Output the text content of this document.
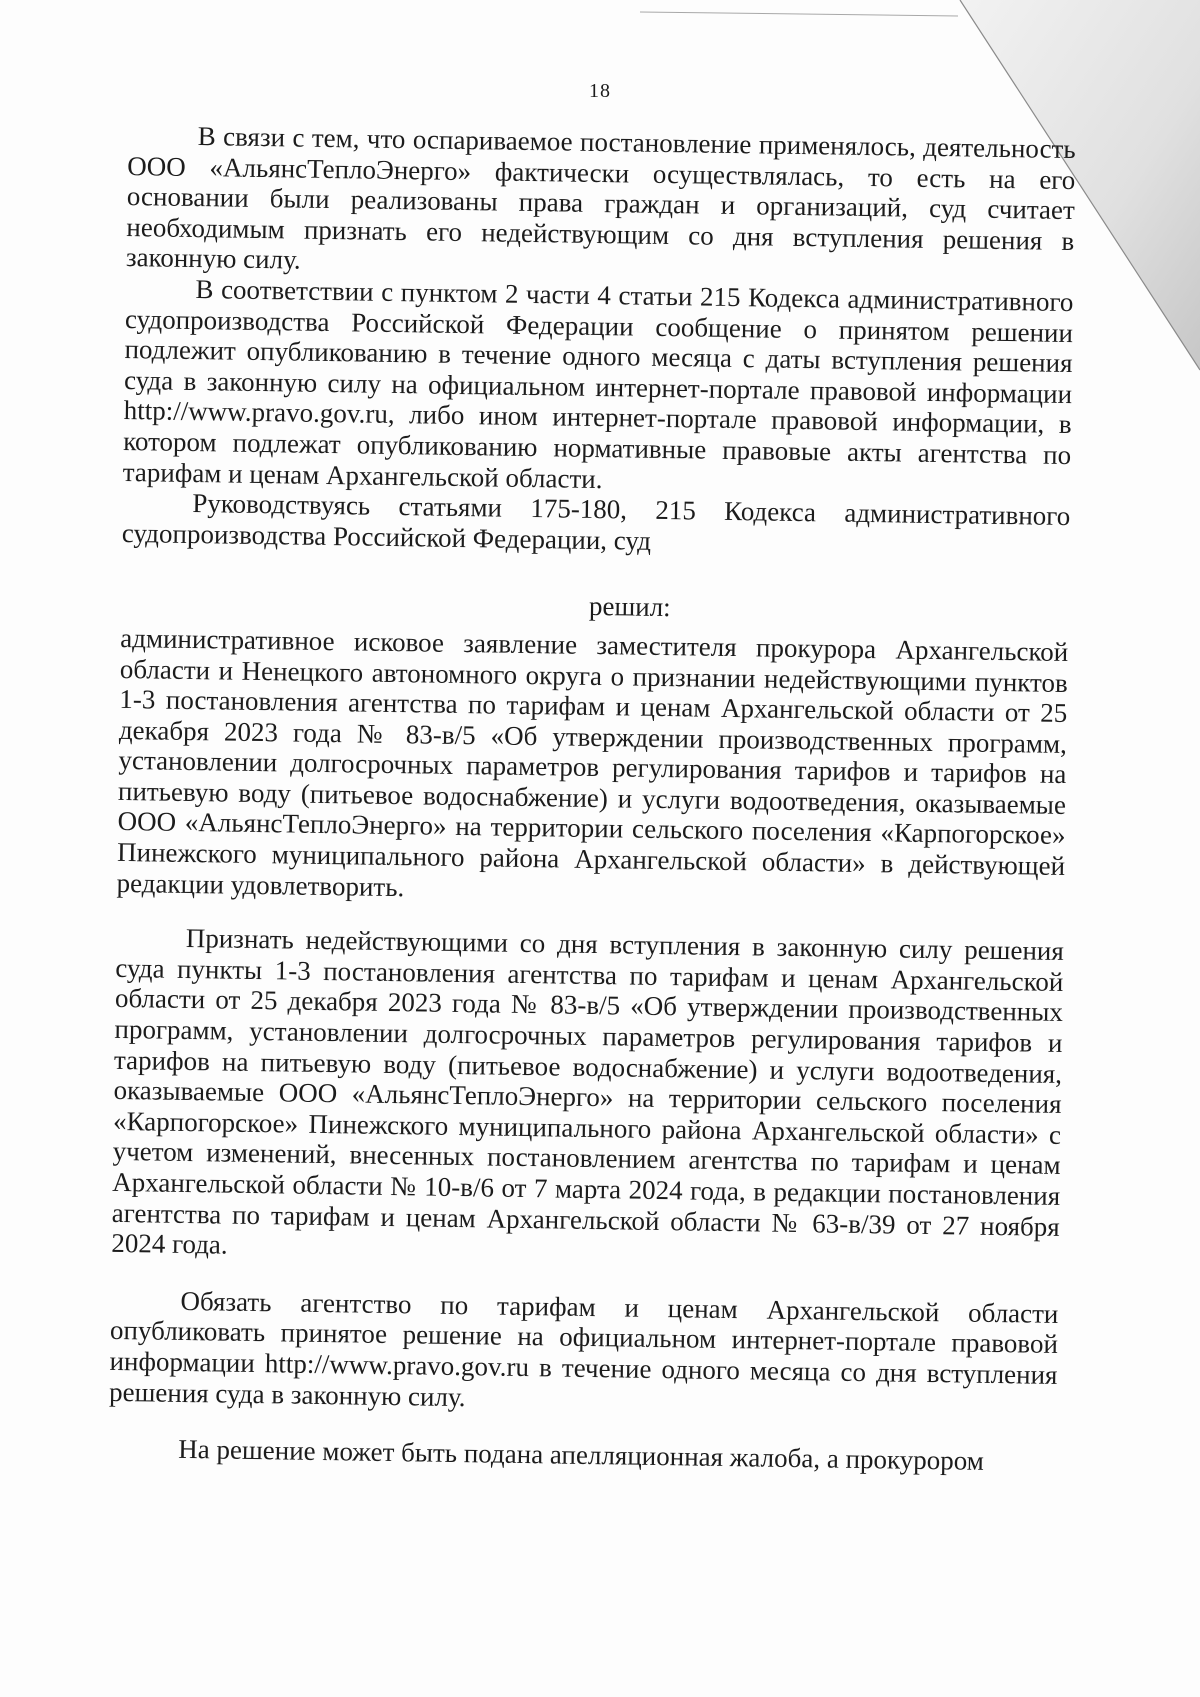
18

В связи с тем, что оспариваемое постановление применялось, деятельность ООО «АльянсТеплоЭнерго» фактически осуществлялась, то есть на его основании были реализованы права граждан и организаций, суд считает необходимым признать его недействующим со дня вступления решения в законную силу.

В соответствии с пунктом 2 части 4 статьи 215 Кодекса административного судопроизводства Российской Федерации сообщение о принятом решении подлежит опубликованию в течение одного месяца с даты вступления решения суда в законную силу на официальном интернет-портале правовой информации http://www.pravo.gov.ru, либо ином интернет-портале правовой информации, в котором подлежат опубликованию нормативные правовые акты агентства по тарифам и ценам Архангельской области.

Руководствуясь статьями 175-180, 215 Кодекса административного судопроизводства Российской Федерации, суд

решил:

административное исковое заявление заместителя прокурора Архангельской области и Ненецкого автономного округа о признании недействующими пунктов 1-3 постановления агентства по тарифам и ценам Архангельской области от 25 декабря 2023 года № 83-в/5 «Об утверждении производственных программ, установлении долгосрочных параметров регулирования тарифов и тарифов на питьевую воду (питьевое водоснабжение) и услуги водоотведения, оказываемые ООО «АльянсТеплоЭнерго» на территории сельского поселения «Карпогорское» Пинежского муниципального района Архангельской области» в действующей редакции удовлетворить.

Признать недействующими со дня вступления в законную силу решения суда пункты 1-3 постановления агентства по тарифам и ценам Архангельской области от 25 декабря 2023 года № 83-в/5 «Об утверждении производственных программ, установлении долгосрочных параметров регулирования тарифов и тарифов на питьевую воду (питьевое водоснабжение) и услуги водоотведения, оказываемые ООО «АльянсТеплоЭнерго» на территории сельского поселения «Карпогорское» Пинежского муниципального района Архангельской области» с учетом изменений, внесенных постановлением агентства по тарифам и ценам Архангельской области № 10-в/6 от 7 марта 2024 года, в редакции постановления агентства по тарифам и ценам Архангельской области № 63-в/39 от 27 ноября 2024 года.

Обязать агентство по тарифам и ценам Архангельской области опубликовать принятое решение на официальном интернет-портале правовой информации http://www.pravo.gov.ru в течение одного месяца со дня вступления решения суда в законную силу.

На решение может быть подана апелляционная жалоба, а прокурором
